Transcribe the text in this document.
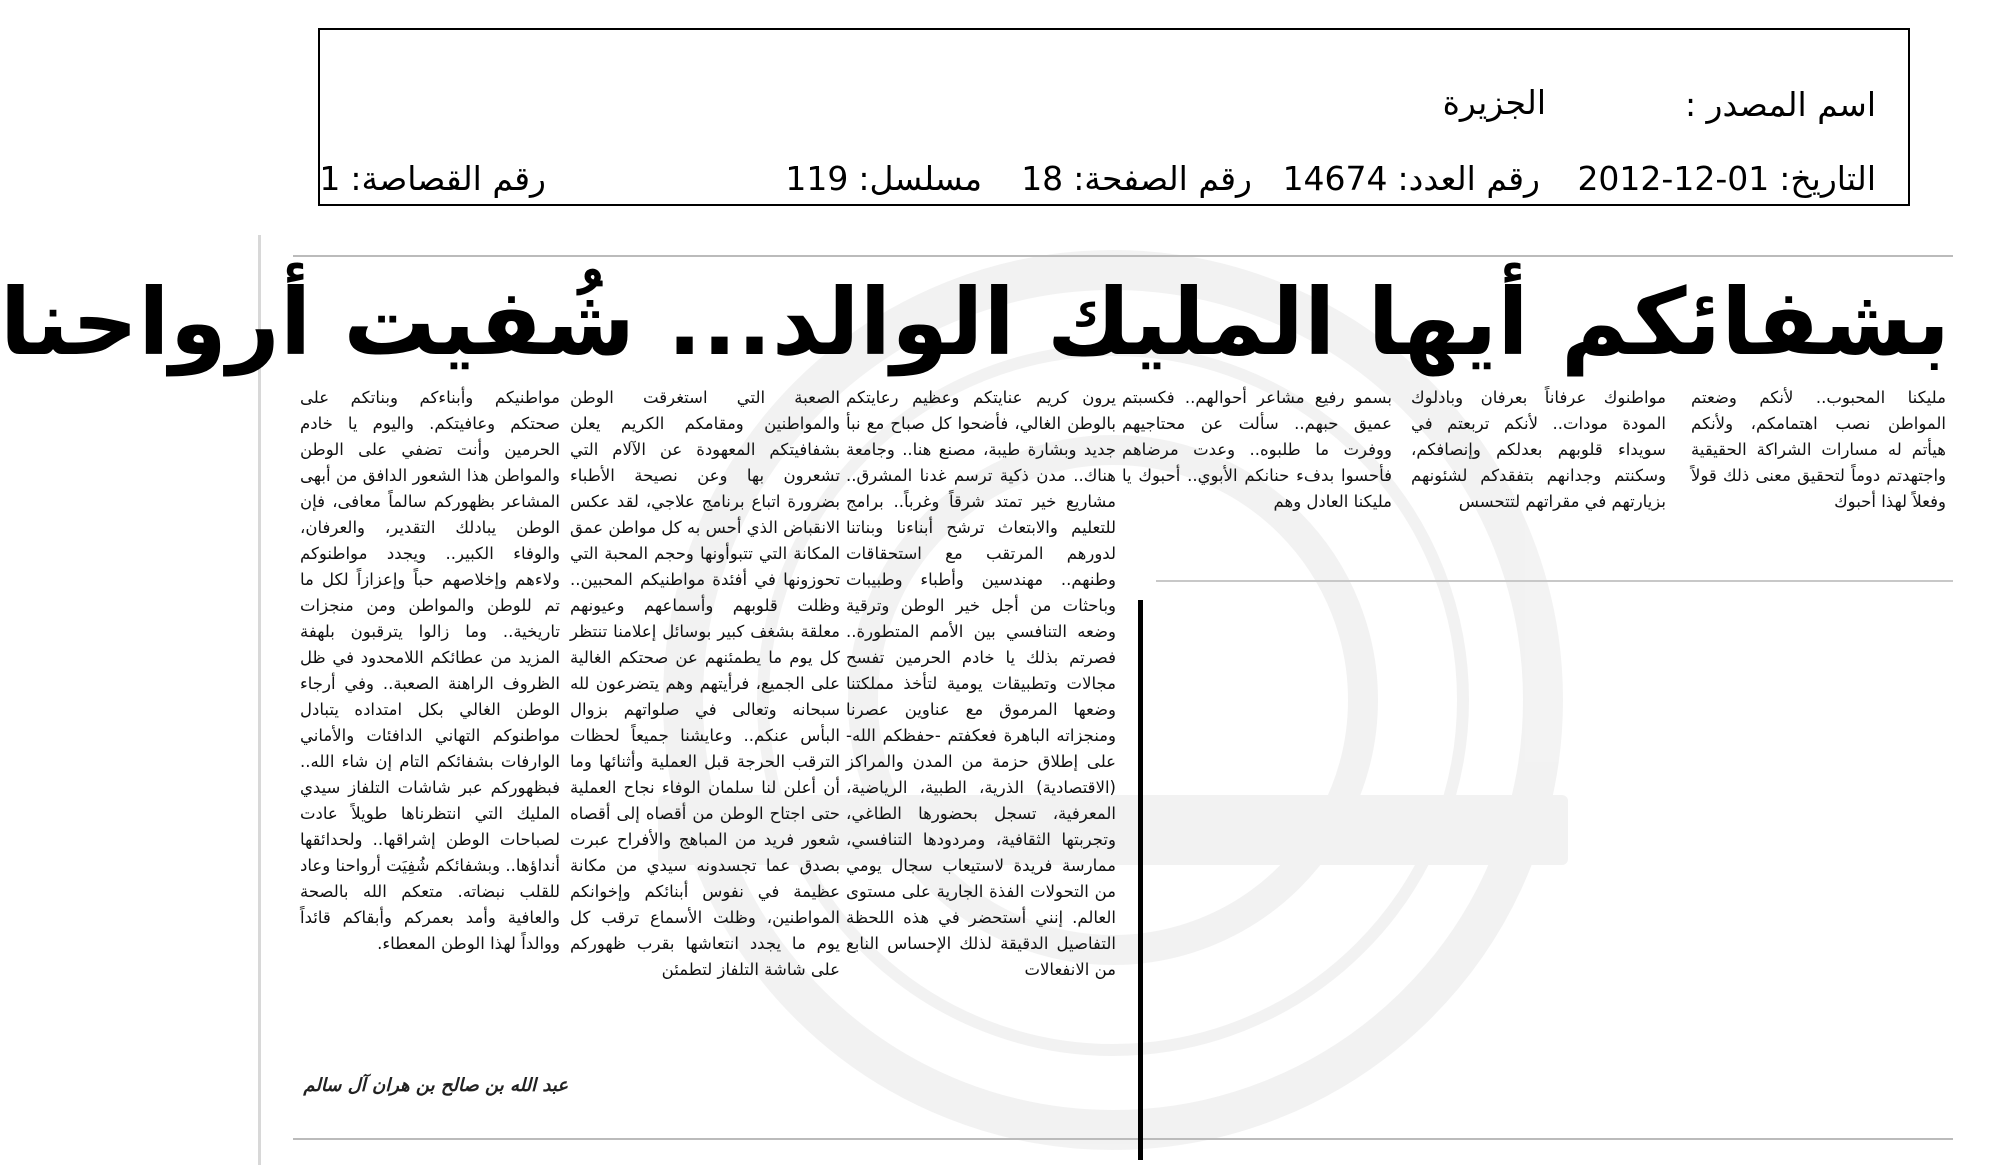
اسم المصدر :
الجزيرة
التاريخ:2012-12-01
رقم العدد:14674
رقم الصفحة:18
مسلسل:119
رقم القصاصة:1
بشفائكم أيها المليك الوالد... شُفيت أرواحنا
مليكنا المحبوب.. لأنكم وضعتم المواطن نصب اهتمامكم، ولأنكم هيأتم له مسارات الشراكة الحقيقية واجتهدتم دوماً لتحقيق معنى ذلك قولاً وفعلاً لهذا أحبوك
مواطنوك عرفاناً بعرفان وبادلوك المودة مودات.. لأنكم تربعتم في سويداء قلوبهم بعدلكم وإنصافكم، وسكنتم وجدانهم بتفقدكم لشئونهم بزيارتهم في مقراتهم لتتحسس
بسمو رفيع مشاعر أحوالهم.. فكسبتم عميق حبهم.. سألت عن محتاجيهم ووفرت ما طلبوه.. وعدت مرضاهم فأحسوا بدفء حنانكم الأبوي.. أحبوك يا مليكنا العادل وهم
يرون كريم عنايتكم وعظيم رعايتكم بالوطن الغالي، فأضحوا كل صباح مع نبأ جديد وبشارة طيبة، مصنع هنا.. وجامعة هناك.. مدن ذكية ترسم غدنا المشرق.. مشاريع خير تمتد شرقاً وغرباً.. برامج للتعليم والابتعاث ترشح أبناءنا وبناتنا لدورهم المرتقب مع استحقاقات وطنهم.. مهندسين وأطباء وطبيبات وباحثات من أجل خير الوطن وترقية وضعه التنافسي بين الأمم المتطورة.. فصرتم بذلك يا خادم الحرمين تفسح مجالات وتطبيقات يومية لتأخذ مملكتنا وضعها المرموق مع عناوين عصرنا ومنجزاته الباهرة فعكفتم -حفظكم الله- على إطلاق حزمة من المدن والمراكز (الاقتصادية) الذرية، الطبية، الرياضية، المعرفية، تسجل بحضورها الطاغي، وتجربتها الثقافية، ومردودها التنافسي، ممارسة فريدة لاستيعاب سجال يومي من التحولات الفذة الجارية على مستوى العالم. إنني أستحضر في هذه اللحظة التفاصيل الدقيقة لذلك الإحساس النابع من الانفعالات
الصعبة التي استغرقت الوطن والمواطنين ومقامكم الكريم يعلن بشفافيتكم المعهودة عن الآلام التي تشعرون بها وعن نصيحة الأطباء بضرورة اتباع برنامج علاجي، لقد عكس الانقباض الذي أحس به كل مواطن عمق المكانة التي تتبوأونها وحجم المحبة التي تحوزونها في أفئدة مواطنيكم المحبين.. وظلت قلوبهم وأسماعهم وعيونهم معلقة بشغف كبير بوسائل إعلامنا تنتظر كل يوم ما يطمئنهم عن صحتكم الغالية على الجميع، فرأيتهم وهم يتضرعون لله سبحانه وتعالى في صلواتهم بزوال البأس عنكم.. وعايشنا جميعاً لحظات الترقب الحرجة قبل العملية وأثنائها وما أن أعلن لنا سلمان الوفاء نجاح العملية حتى اجتاح الوطن من أقصاه إلى أقصاه شعور فريد من المباهج والأفراح عبرت بصدق عما تجسدونه سيدي من مكانة عظيمة في نفوس أبنائكم وإخوانكم المواطنين، وظلت الأسماع ترقب كل يوم ما يجدد انتعاشها بقرب ظهوركم على شاشة التلفاز لتطمئن
مواطنيكم وأبناءكم وبناتكم على صحتكم وعافيتكم. واليوم يا خادم الحرمين وأنت تضفي على الوطن والمواطن هذا الشعور الدافق من أبهى المشاعر بظهوركم سالماً معافى، فإن الوطن يبادلك التقدير، والعرفان، والوفاء الكبير.. ويجدد مواطنوكم ولاءهم وإخلاصهم حباً وإعزازاً لكل ما تم للوطن والمواطن ومن منجزات تاريخية.. وما زالوا يترقبون بلهفة المزيد من عطائكم اللامحدود في ظل الظروف الراهنة الصعبة.. وفي أرجاء الوطن الغالي بكل امتداده يتبادل مواطنوكم التهاني الدافئات والأماني الوارفات بشفائكم التام إن شاء الله.. فبظهوركم عبر شاشات التلفاز سيدي المليك التي انتظرناها طويلاً عادت لصباحات الوطن إشراقها.. ولحدائقها أنداؤها.. وبشفائكم شُفِيَت أرواحنا وعاد للقلب نبضاته. متعكم الله بالصحة والعافية وأمد بعمركم وأبقاكم قائداً ووالداً لهذا الوطن المعطاء.
عبد الله بن صالح بن هران آل سالم
